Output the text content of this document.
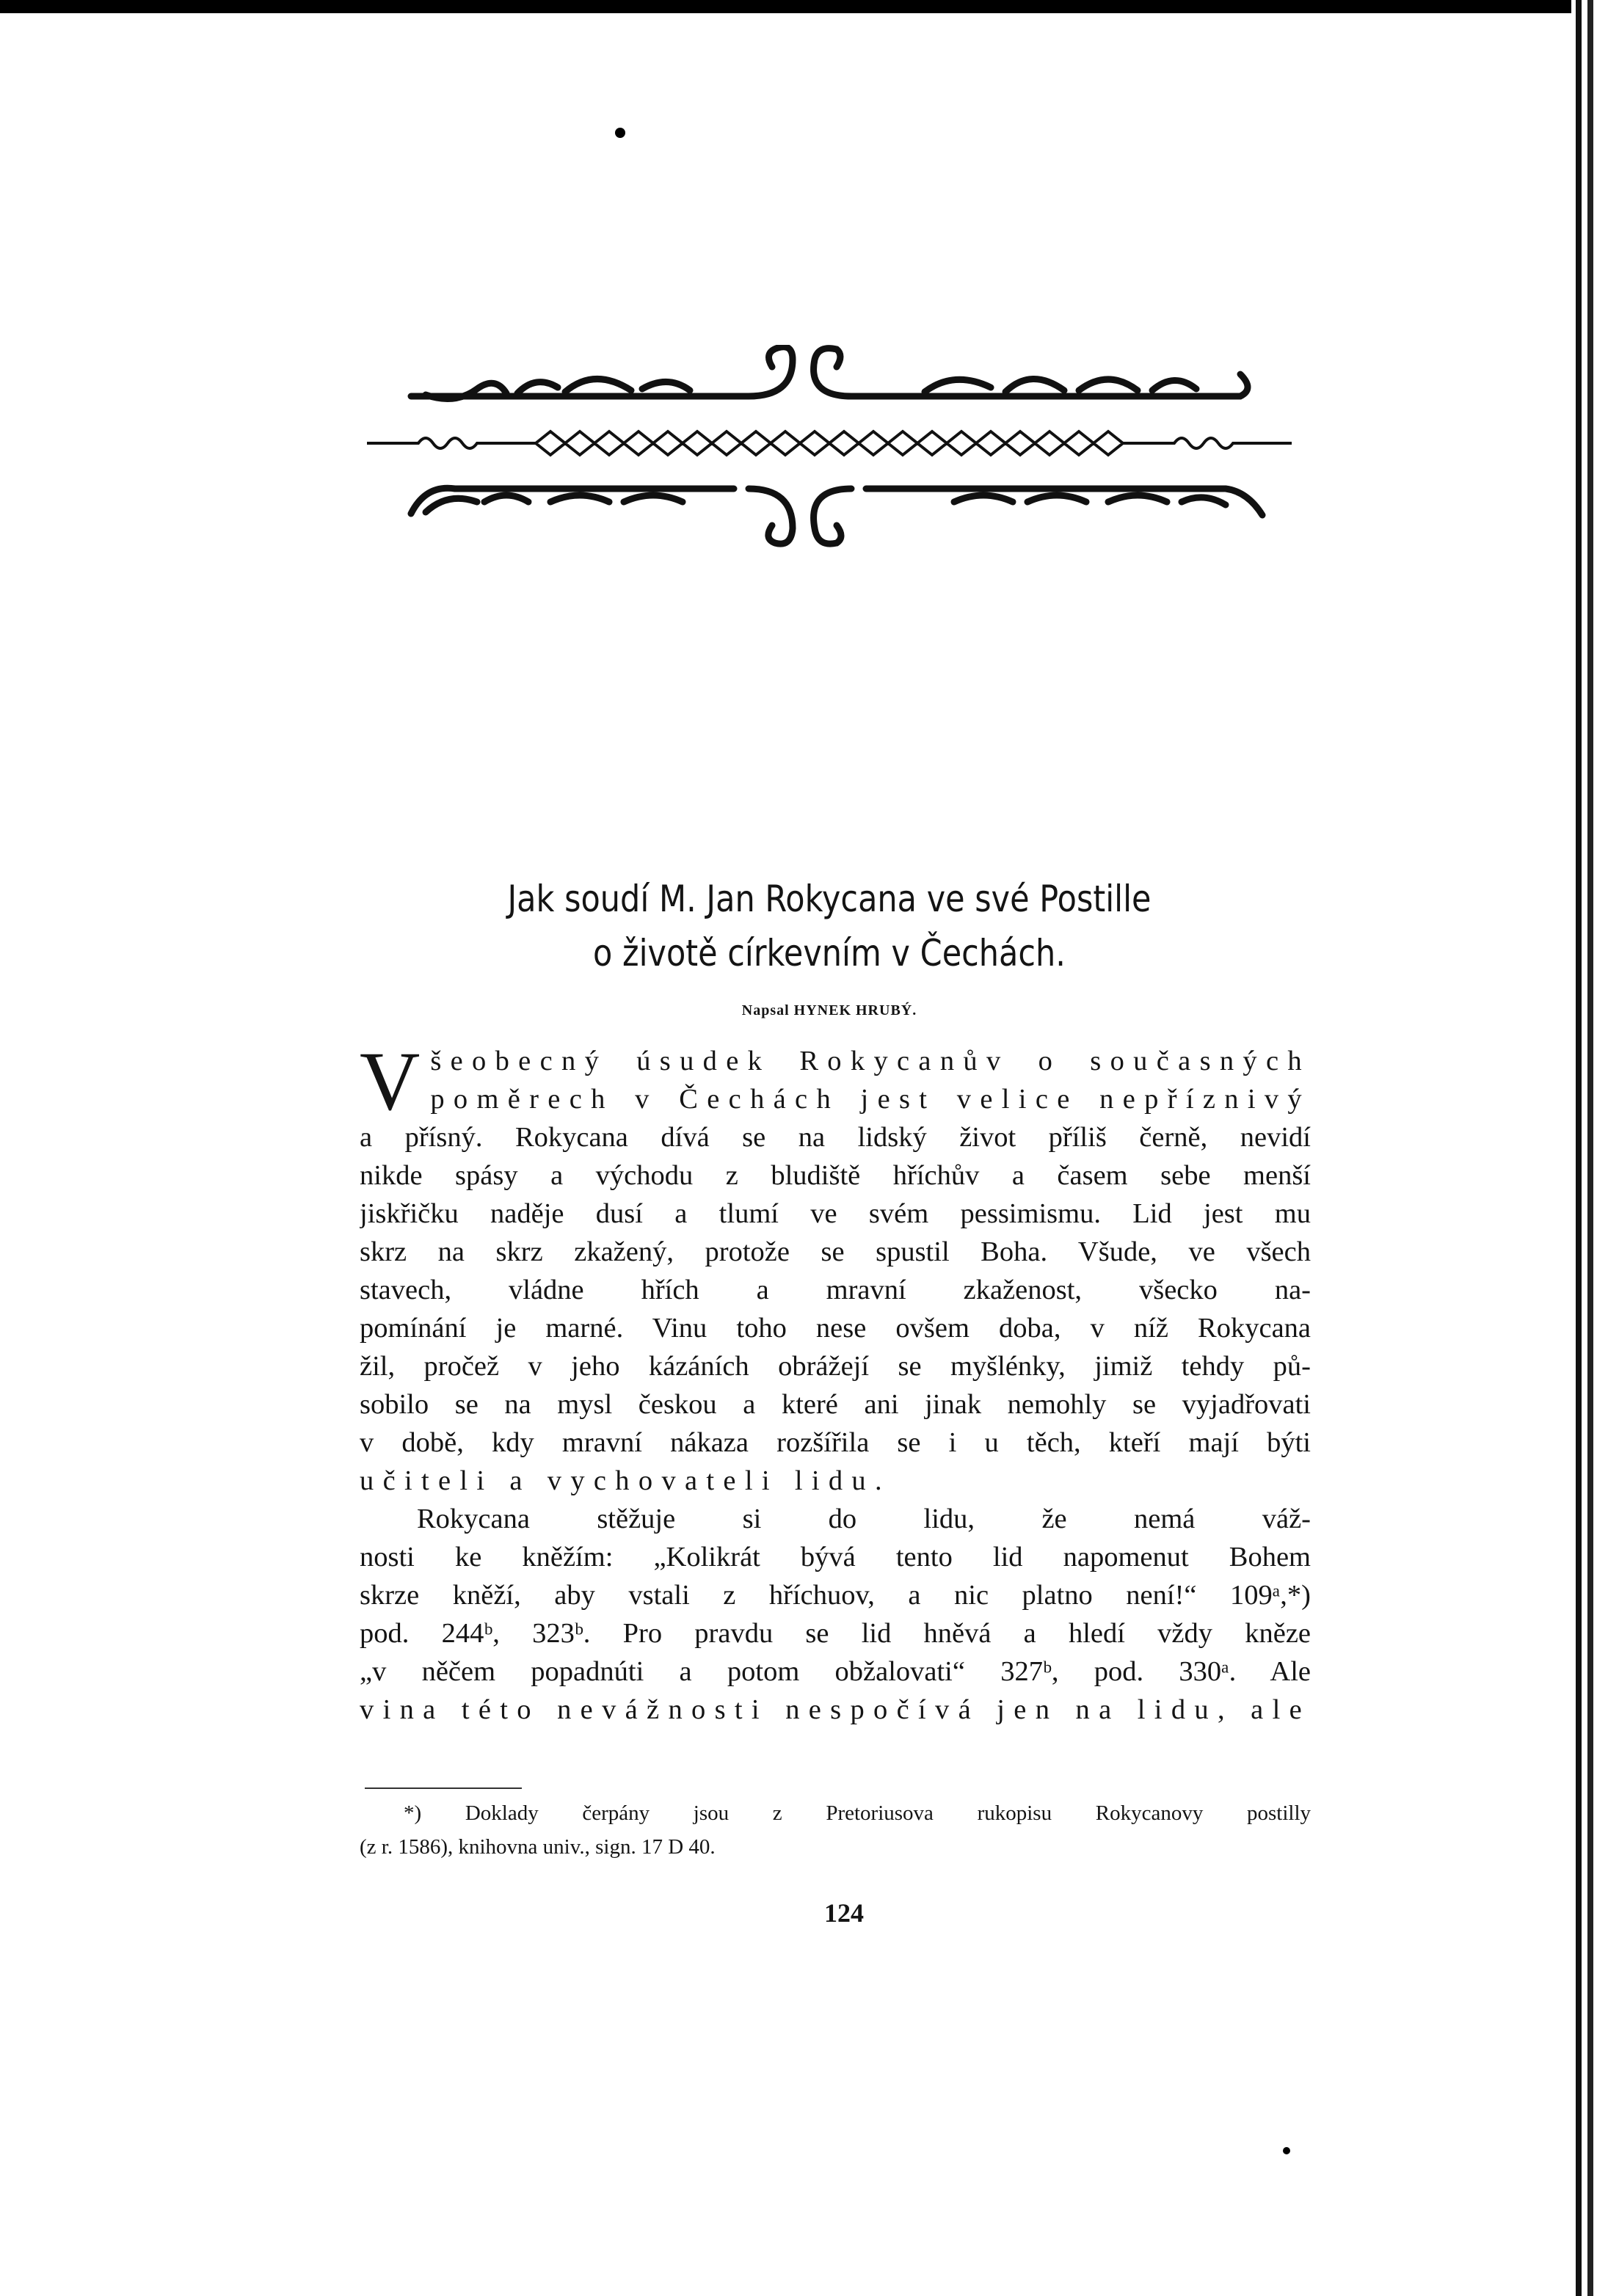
Jak soudí M. Jan Rokycana ve své Postille
o životě církevním v Čechách.
Napsal HYNEK HRUBÝ.
V šeobecný úsudek Rokycanův o současných
poměrech v Čechách jest velice nepříznivý
a přísný. Rokycana dívá se na lidský život příliš černě, nevidí
nikde spásy a východu z bludiště hříchův a časem sebe menší
jiskřičku naděje dusí a tlumí ve svém pessimismu. Lid jest mu
skrz na skrz zkažený, protože se spustil Boha. Všude, ve všech
stavech, vládne hřích a mravní zkaženost, všecko na-
pomínání je marné. Vinu toho nese ovšem doba, v níž Rokycana
žil, pročež v jeho kázáních obrážejí se myšlénky, jimiž tehdy pů-
sobilo se na mysl českou a které ani jinak nemohly se vyjadřovati
v době, kdy mravní nákaza rozšířila se i u těch, kteří mají býti
učiteli a vychovateli lidu.
Rokycana stěžuje si do lidu, že nemá váž-
nosti ke kněžím: „Kolikrát bývá tento lid napomenut Bohem
skrze kněží, aby vstali z hříchuov, a nic platno není!“ 109ᵃ,*)
pod. 244ᵇ, 323ᵇ. Pro pravdu se lid hněvá a hledí vždy kněze
„v něčem popadnúti a potom obžalovati“ 327ᵇ, pod. 330ᵃ. Ale
vina této nevážnosti nespočívá jen na lidu, ale
*) Doklady čerpány jsou z Pretoriusova rukopisu Rokycanovy postilly
(z r. 1586), knihovna univ., sign. 17 D 40.
124
